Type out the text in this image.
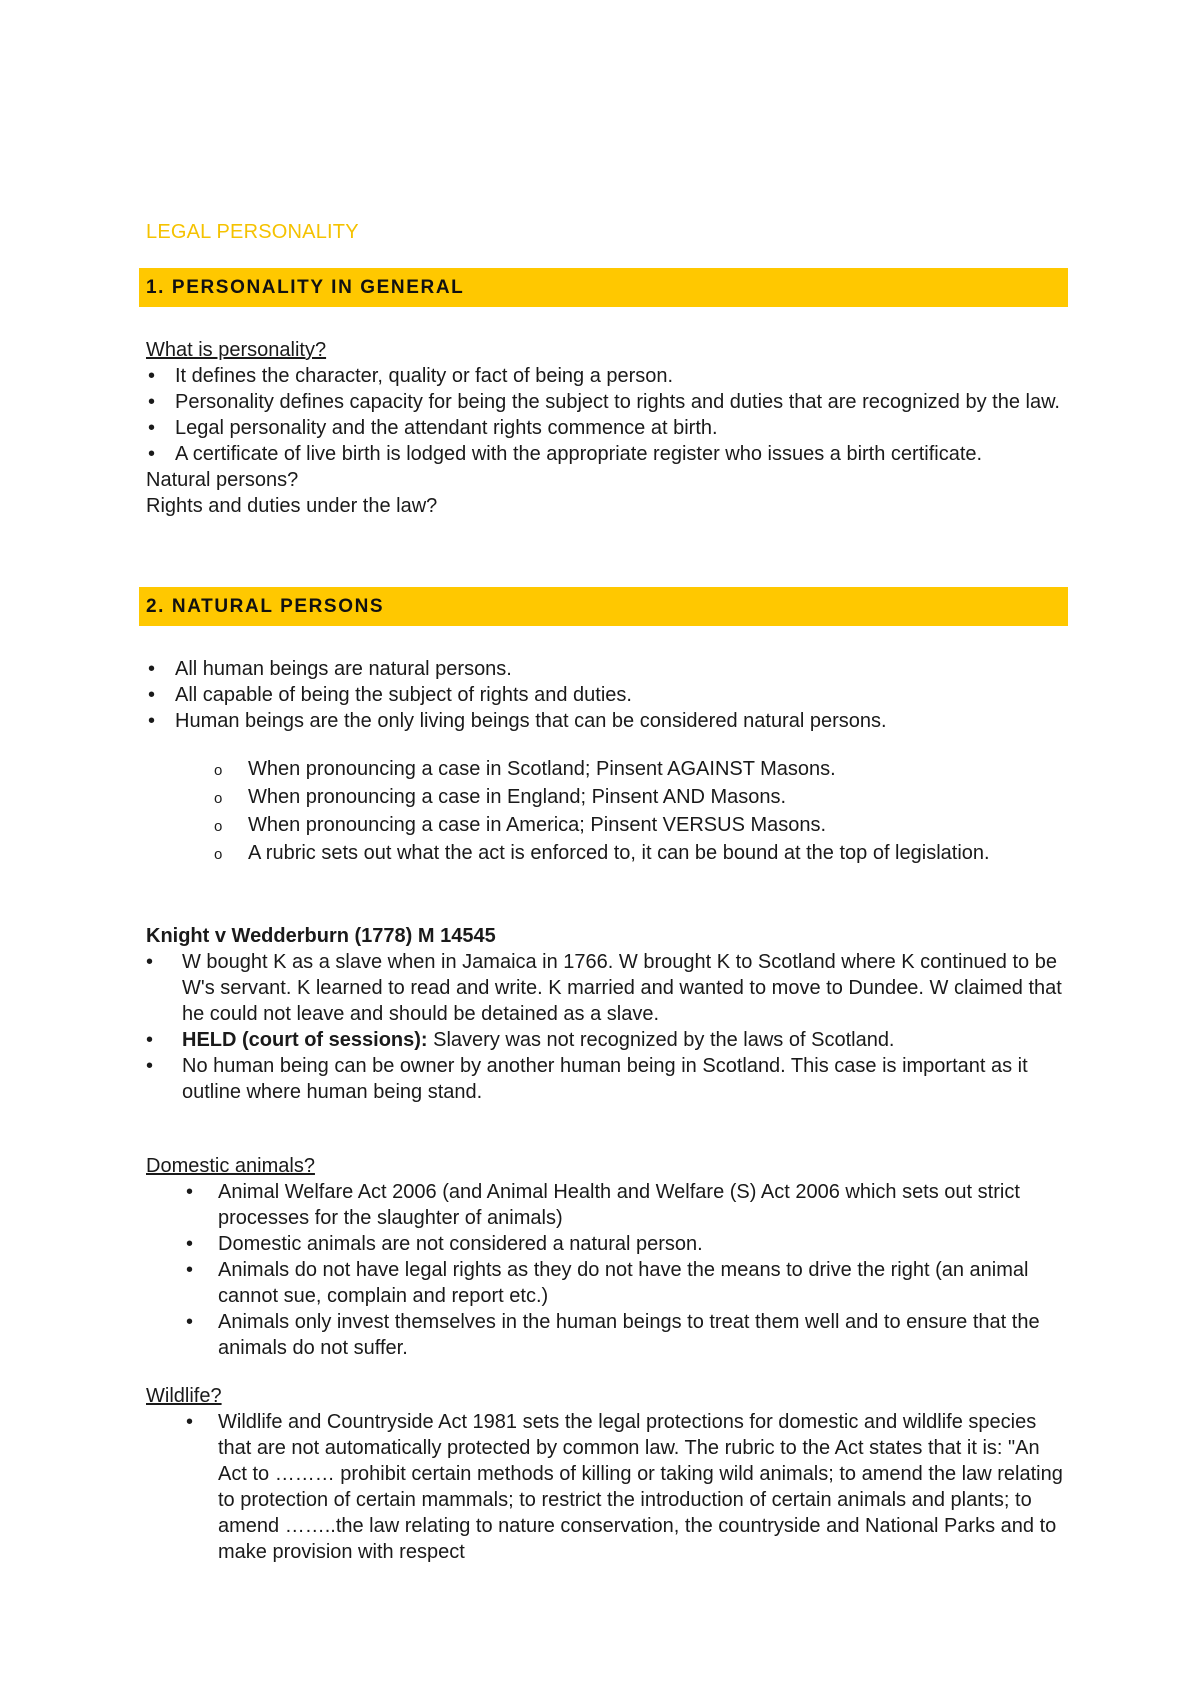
LEGAL PERSONALITY
1. PERSONALITY IN GENERAL
What is personality?
• It defines the character, quality or fact of being a person.
• Personality defines capacity for being the subject to rights and duties that are recognized by the law.
• Legal personality and the attendant rights commence at birth.
• A certificate of live birth is lodged with the appropriate register who issues a birth certificate.
Natural persons?
Rights and duties under the law?
2. NATURAL PERSONS
• All human beings are natural persons.
• All capable of being the subject of rights and duties.
• Human beings are the only living beings that can be considered natural persons.
o When pronouncing a case in Scotland; Pinsent AGAINST Masons.
o When pronouncing a case in England; Pinsent AND Masons.
o When pronouncing a case in America; Pinsent VERSUS Masons.
o A rubric sets out what the act is enforced to, it can be bound at the top of legislation.
Knight v Wedderburn (1778) M 14545
• W bought K as a slave when in Jamaica in 1766. W brought K to Scotland where K continued to be W's servant. K learned to read and write. K married and wanted to move to Dundee. W claimed that he could not leave and should be detained as a slave.
• HELD (court of sessions): Slavery was not recognized by the laws of Scotland.
• No human being can be owner by another human being in Scotland. This case is important as it outline where human being stand.
Domestic animals?
• Animal Welfare Act 2006 (and Animal Health and Welfare (S) Act 2006 which sets out strict processes for the slaughter of animals)
• Domestic animals are not considered a natural person.
• Animals do not have legal rights as they do not have the means to drive the right (an animal cannot sue, complain and report etc.)
• Animals only invest themselves in the human beings to treat them well and to ensure that the animals do not suffer.
Wildlife?
• Wildlife and Countryside Act 1981 sets the legal protections for domestic and wildlife species that are not automatically protected by common law. The rubric to the Act states that it is: "An Act to ……… prohibit certain methods of killing or taking wild animals; to amend the law relating to protection of certain mammals; to restrict the introduction of certain animals and plants; to amend ……..the law relating to nature conservation, the countryside and National Parks and to make provision with respect
